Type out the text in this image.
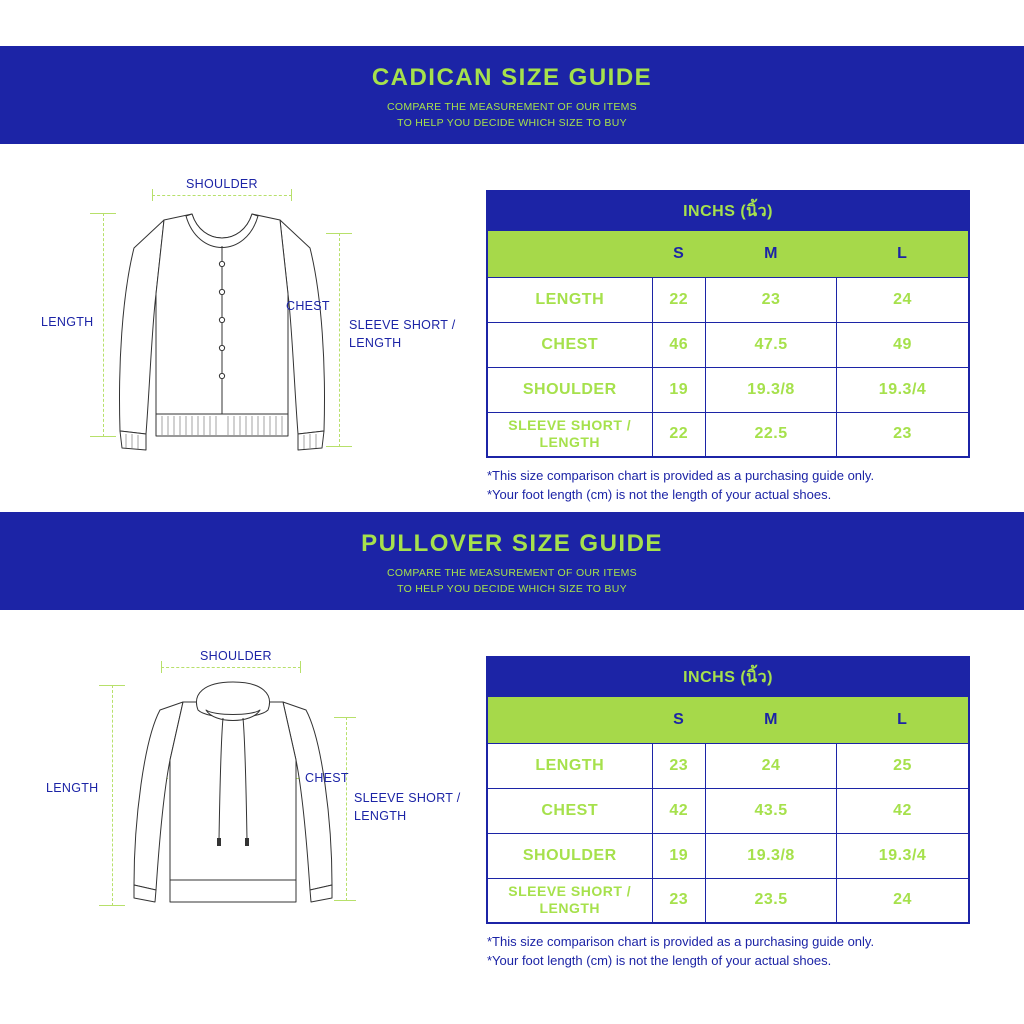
CADICAN SIZE GUIDE
COMPARE THE MEASUREMENT OF OUR ITEMS
TO HELP YOU DECIDE WHICH SIZE TO BUY
SHOULDER
LENGTH
CHEST
SLEEVE SHORT /
LENGTH
INCHS (นิ้ว)			
	S	M	L
LENGTH	22	23	24
CHEST	46	47.5	49
SHOULDER	19	19.3/8	19.3/4
SLEEVE SHORT /
LENGTH	22	22.5	23
*This size comparison chart is provided as a purchasing guide only.
*Your foot length (cm) is not the length of your actual shoes.
PULLOVER SIZE GUIDE
COMPARE THE MEASUREMENT OF OUR ITEMS
TO HELP YOU DECIDE WHICH SIZE TO BUY
SHOULDER
LENGTH
CHEST
SLEEVE SHORT /
LENGTH
INCHS (นิ้ว)			
	S	M	L
LENGTH	23	24	25
CHEST	42	43.5	42
SHOULDER	19	19.3/8	19.3/4
SLEEVE SHORT /
LENGTH	23	23.5	24
*This size comparison chart is provided as a purchasing guide only.
*Your foot length (cm) is not the length of your actual shoes.
